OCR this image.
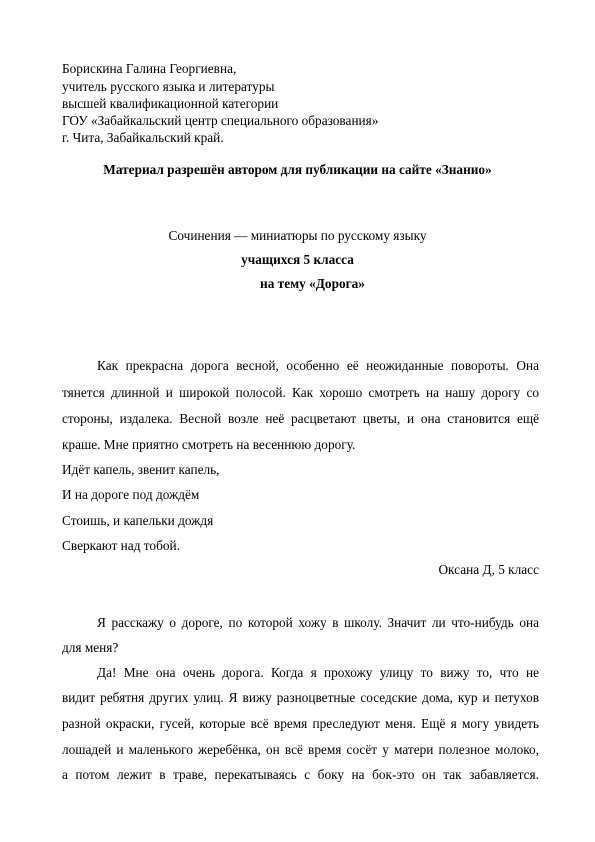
Борискина Галина Георгиевна,
учитель русского языка и литературы
высшей квалификационной категории
ГОУ «Забайкальский центр специального образования»
г. Чита, Забайкальский край.
Материал разрешён автором для публикации на сайте «Знанио»
Сочинения — миниатюры по русскому языку
учащихся 5 класса
на тему «Дорога»
Как прекрасна дорога весной, особенно её неожиданные повороты. Она
тянется длинной и широкой полосой. Как хорошо смотреть на нашу дорогу со
стороны, издалека. Весной возле неё расцветают цветы, и она становится ещё
краше. Мне приятно смотреть на весеннюю дорогу.
Идёт капель, звенит капель,
И на дороге под дождём
Стоишь, и капельки дождя
Сверкают над тобой.
Оксана Д, 5 класс
Я расскажу о дороге, по которой хожу в школу. Значит ли что-нибудь она
для меня?
Да! Мне она очень дорога. Когда я прохожу улицу то вижу то, что не
видит ребятня других улиц. Я вижу разноцветные соседские дома, кур и петухов
разной окраски, гусей, которые всё время преследуют меня. Ещё я могу увидеть
лошадей и маленького жеребёнка, он всё время сосёт у матери полезное молоко,
а потом лежит в траве, перекатываясь с боку на бок-это он так забавляется.
